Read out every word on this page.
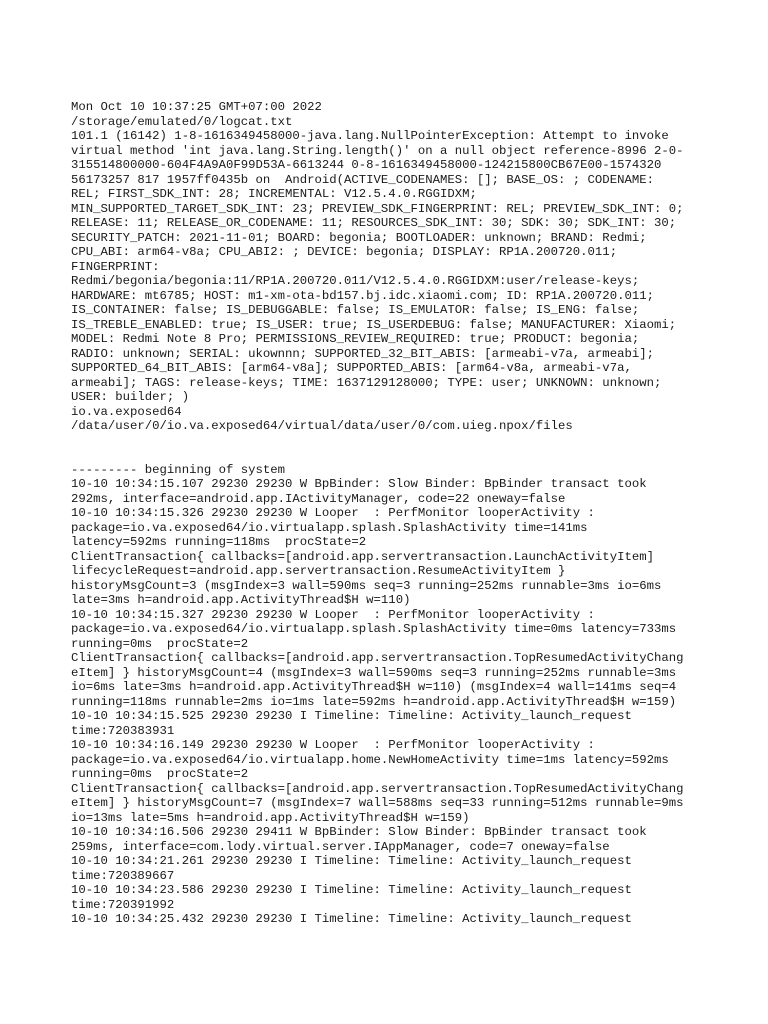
Mon Oct 10 10:37:25 GMT+07:00 2022
/storage/emulated/0/logcat.txt
101.1 (16142) 1-8-1616349458000-java.lang.NullPointerException: Attempt to invoke
virtual method 'int java.lang.String.length()' on a null object reference-8996 2-0-
315514800000-604F4A9A0F99D53A-6613244 0-8-1616349458000-124215800CB67E00-1574320
56173257 817 1957ff0435b on  Android(ACTIVE_CODENAMES: []; BASE_OS: ; CODENAME:
REL; FIRST_SDK_INT: 28; INCREMENTAL: V12.5.4.0.RGGIDXM;
MIN_SUPPORTED_TARGET_SDK_INT: 23; PREVIEW_SDK_FINGERPRINT: REL; PREVIEW_SDK_INT: 0;
RELEASE: 11; RELEASE_OR_CODENAME: 11; RESOURCES_SDK_INT: 30; SDK: 30; SDK_INT: 30;
SECURITY_PATCH: 2021-11-01; BOARD: begonia; BOOTLOADER: unknown; BRAND: Redmi;
CPU_ABI: arm64-v8a; CPU_ABI2: ; DEVICE: begonia; DISPLAY: RP1A.200720.011;
FINGERPRINT:
Redmi/begonia/begonia:11/RP1A.200720.011/V12.5.4.0.RGGIDXM:user/release-keys;
HARDWARE: mt6785; HOST: m1-xm-ota-bd157.bj.idc.xiaomi.com; ID: RP1A.200720.011;
IS_CONTAINER: false; IS_DEBUGGABLE: false; IS_EMULATOR: false; IS_ENG: false;
IS_TREBLE_ENABLED: true; IS_USER: true; IS_USERDEBUG: false; MANUFACTURER: Xiaomi;
MODEL: Redmi Note 8 Pro; PERMISSIONS_REVIEW_REQUIRED: true; PRODUCT: begonia;
RADIO: unknown; SERIAL: ukownnn; SUPPORTED_32_BIT_ABIS: [armeabi-v7a, armeabi];
SUPPORTED_64_BIT_ABIS: [arm64-v8a]; SUPPORTED_ABIS: [arm64-v8a, armeabi-v7a,
armeabi]; TAGS: release-keys; TIME: 1637129128000; TYPE: user; UNKNOWN: unknown;
USER: builder; )
io.va.exposed64
/data/user/0/io.va.exposed64/virtual/data/user/0/com.uieg.npox/files
--------- beginning of system
10-10 10:34:15.107 29230 29230 W BpBinder: Slow Binder: BpBinder transact took
292ms, interface=android.app.IActivityManager, code=22 oneway=false
10-10 10:34:15.326 29230 29230 W Looper  : PerfMonitor looperActivity :
package=io.va.exposed64/io.virtualapp.splash.SplashActivity time=141ms
latency=592ms running=118ms  procState=2
ClientTransaction{ callbacks=[android.app.servertransaction.LaunchActivityItem]
lifecycleRequest=android.app.servertransaction.ResumeActivityItem }
historyMsgCount=3 (msgIndex=3 wall=590ms seq=3 running=252ms runnable=3ms io=6ms
late=3ms h=android.app.ActivityThread$H w=110)
10-10 10:34:15.327 29230 29230 W Looper  : PerfMonitor looperActivity :
package=io.va.exposed64/io.virtualapp.splash.SplashActivity time=0ms latency=733ms
running=0ms  procState=2
ClientTransaction{ callbacks=[android.app.servertransaction.TopResumedActivityChang
eItem] } historyMsgCount=4 (msgIndex=3 wall=590ms seq=3 running=252ms runnable=3ms
io=6ms late=3ms h=android.app.ActivityThread$H w=110) (msgIndex=4 wall=141ms seq=4
running=118ms runnable=2ms io=1ms late=592ms h=android.app.ActivityThread$H w=159)
10-10 10:34:15.525 29230 29230 I Timeline: Timeline: Activity_launch_request
time:720383931
10-10 10:34:16.149 29230 29230 W Looper  : PerfMonitor looperActivity :
package=io.va.exposed64/io.virtualapp.home.NewHomeActivity time=1ms latency=592ms
running=0ms  procState=2
ClientTransaction{ callbacks=[android.app.servertransaction.TopResumedActivityChang
eItem] } historyMsgCount=7 (msgIndex=7 wall=588ms seq=33 running=512ms runnable=9ms
io=13ms late=5ms h=android.app.ActivityThread$H w=159)
10-10 10:34:16.506 29230 29411 W BpBinder: Slow Binder: BpBinder transact took
259ms, interface=com.lody.virtual.server.IAppManager, code=7 oneway=false
10-10 10:34:21.261 29230 29230 I Timeline: Timeline: Activity_launch_request
time:720389667
10-10 10:34:23.586 29230 29230 I Timeline: Timeline: Activity_launch_request
time:720391992
10-10 10:34:25.432 29230 29230 I Timeline: Timeline: Activity_launch_request
